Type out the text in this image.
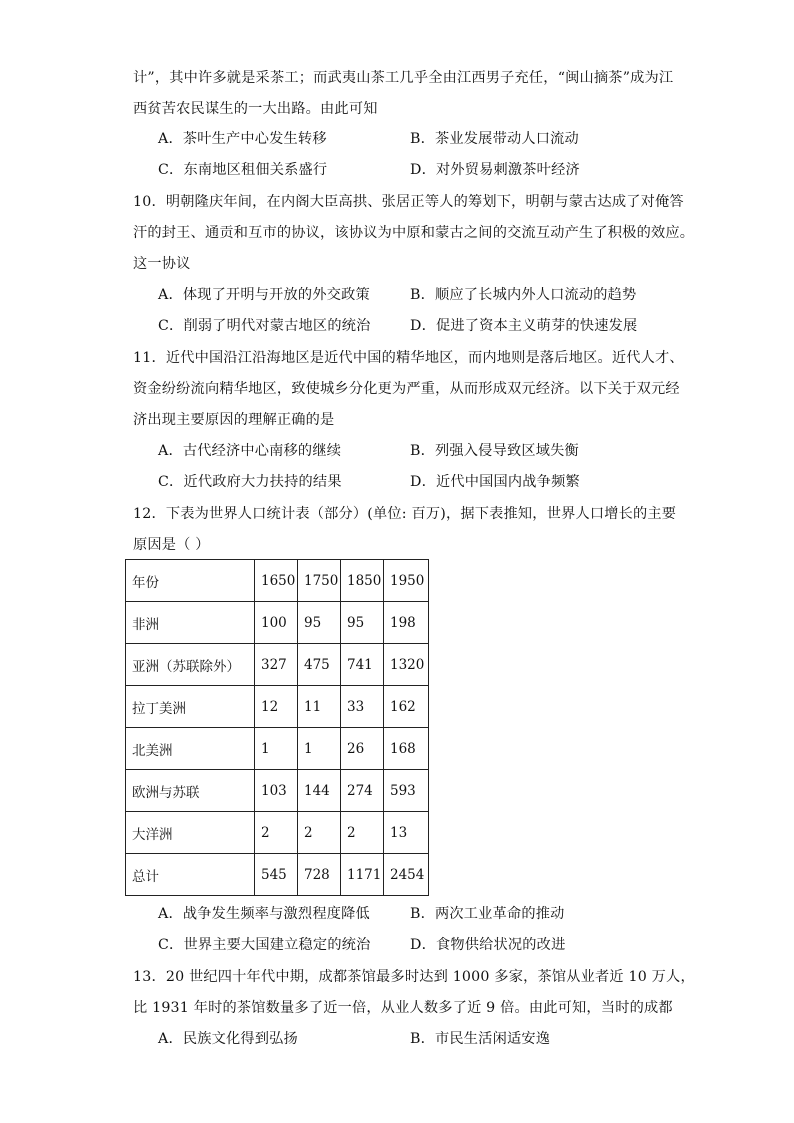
计”，其中许多就是采茶工；而武夷山茶工几乎全由江西男子充任，“闽山摘茶”成为江
西贫苦农民谋生的一大出路。由此可知
A．茶叶生产中心发生转移	B．茶业发展带动人口流动
C．东南地区租佃关系盛行	D．对外贸易刺激茶叶经济
10．明朝隆庆年间，在内阁大臣高拱、张居正等人的筹划下，明朝与蒙古达成了对俺答
汗的封王、通贡和互市的协议，该协议为中原和蒙古之间的交流互动产生了积极的效应。
这一协议
A．体现了开明与开放的外交政策	B．顺应了长城内外人口流动的趋势
C．削弱了明代对蒙古地区的统治	D．促进了资本主义萌芽的快速发展
11．近代中国沿江沿海地区是近代中国的精华地区，而内地则是落后地区。近代人才、
资金纷纷流向精华地区，致使城乡分化更为严重，从而形成双元经济。以下关于双元经
济出现主要原因的理解正确的是
A．古代经济中心南移的继续	B．列强入侵导致区域失衡
C．近代政府大力扶持的结果	D．近代中国国内战争频繁
12．下表为世界人口统计表（部分）(单位: 百万)，据下表推知，世界人口增长的主要
原因是（ ）
年份	1650	1750	1850	1950
非洲	100	95	95	198
亚洲（苏联除外）	327	475	741	1320
拉丁美洲	12	11	33	162
北美洲	1	1	26	168
欧洲与苏联	103	144	274	593
大洋洲	2	2	2	13
总计	545	728	1171	2454
A．战争发生频率与激烈程度降低	B．两次工业革命的推动
C．世界主要大国建立稳定的统治	D．食物供给状况的改进
13．20 世纪四十年代中期，成都茶馆最多时达到 1000 多家，茶馆从业者近 10 万人，
比 1931 年时的茶馆数量多了近一倍，从业人数多了近 9 倍。由此可知，当时的成都
A．民族文化得到弘扬	B．市民生活闲适安逸
